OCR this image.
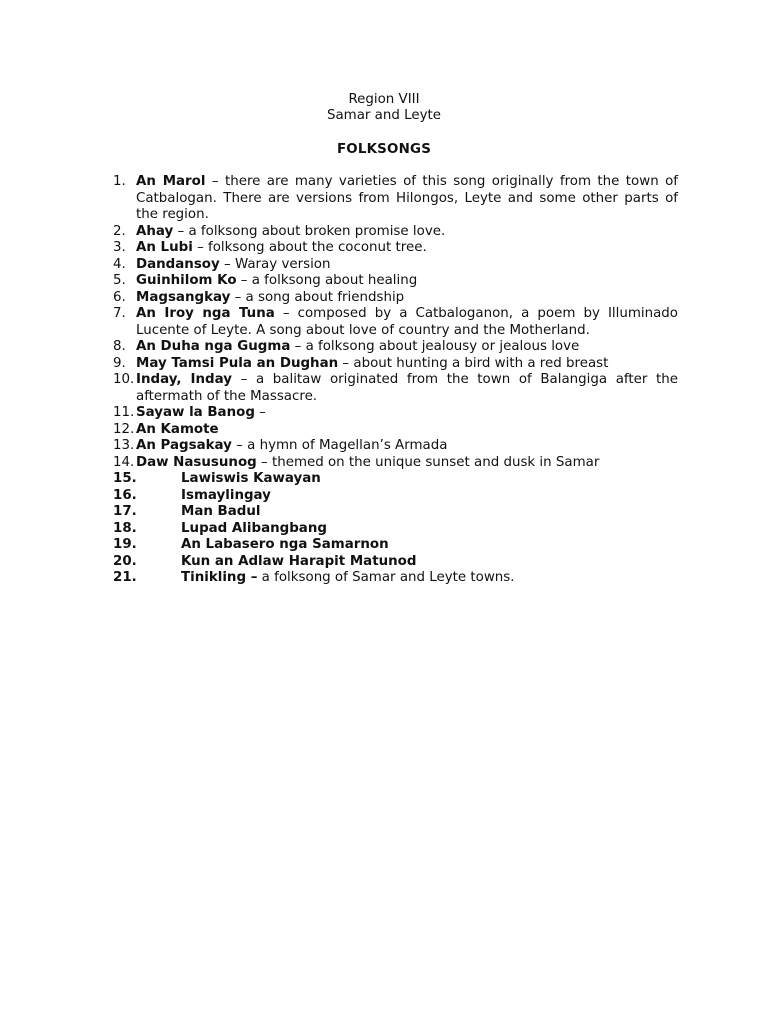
Region VIII
Samar and Leyte
FOLKSONGS
1. An Marol – there are many varieties of this song originally from the town of Catbalogan. There are versions from Hilongos, Leyte and some other parts of the region.
2. Ahay – a folksong about broken promise love.
3. An Lubi – folksong about the coconut tree.
4. Dandansoy – Waray version
5. Guinhilom Ko – a folksong about healing
6. Magsangkay – a song about friendship
7. An Iroy nga Tuna – composed by a Catbaloganon, a poem by Illuminado Lucente of Leyte. A song about love of country and the Motherland.
8. An Duha nga Gugma – a folksong about jealousy or jealous love
9. May Tamsi Pula an Dughan – about hunting a bird with a red breast
10. Inday, Inday – a balitaw originated from the town of Balangiga after the aftermath of the Massacre.
11. Sayaw la Banog –
12. An Kamote
13. An Pagsakay – a hymn of Magellan’s Armada
14. Daw Nasusunog – themed on the unique sunset and dusk in Samar
15.	Lawiswis Kawayan
16.	Ismaylingay
17.	Man Badul
18.	Lupad Alibangbang
19.	An Labasero nga Samarnon
20.	Kun an Adlaw Harapit Matunod
21.	Tinikling – a folksong of Samar and Leyte towns.
